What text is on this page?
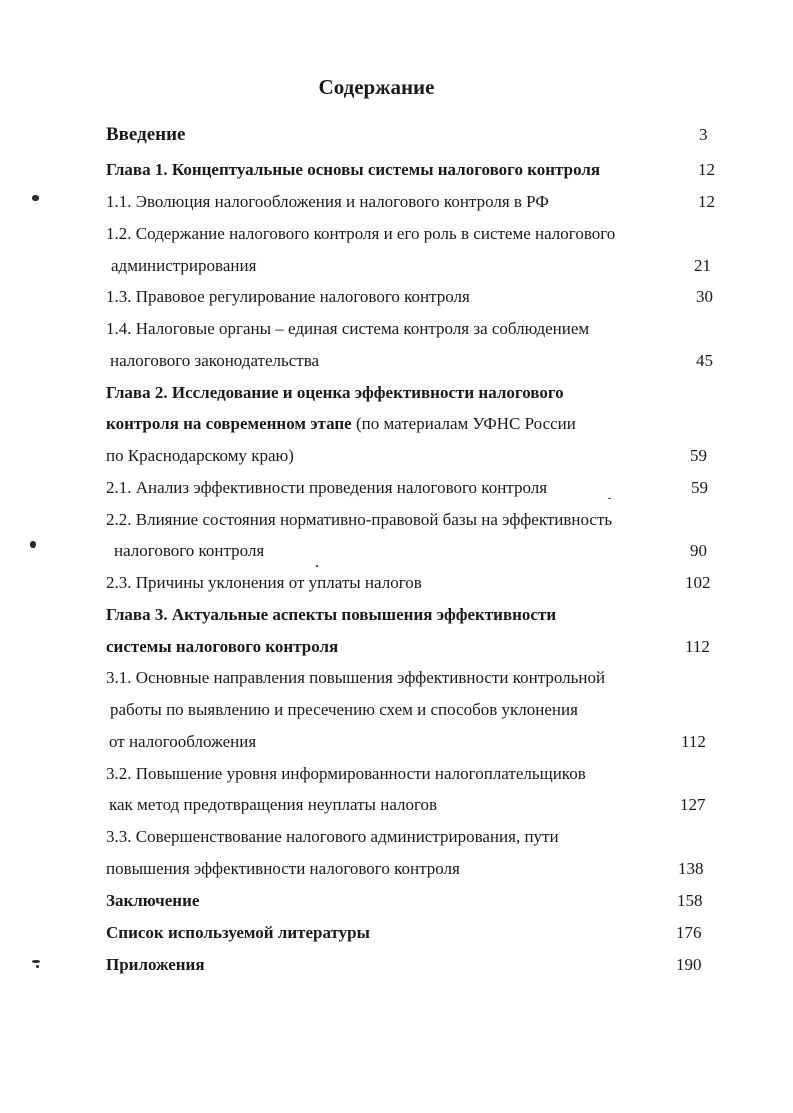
Содержание
Введение	3
Глава 1. Концептуальные основы системы налогового контроля	12
1.1. Эволюция налогообложения и налогового контроля в РФ	12
1.2. Содержание налогового контроля и его роль в системе налогового
администрирования	21
1.3. Правовое регулирование налогового контроля	30
1.4. Налоговые органы – единая система контроля за соблюдением
налогового законодательства	45
Глава 2. Исследование и оценка эффективности налогового
контроля на современном этапе (по материалам УФНС России
по Краснодарскому краю)	59
2.1. Анализ эффективности проведения налогового контроля	59
2.2. Влияние состояния нормативно-правовой базы на эффективность
налогового контроля	90
2.3. Причины уклонения от уплаты налогов	102
Глава 3. Актуальные аспекты повышения эффективности
системы налогового контроля	112
3.1. Основные направления повышения эффективности контрольной
работы по выявлению и пресечению схем и способов уклонения
от налогообложения	112
3.2. Повышение уровня информированности налогоплательщиков
как метод предотвращения неуплаты налогов	127
3.3. Совершенствование налогового администрирования, пути
повышения эффективности налогового контроля	138
Заключение	158
Список используемой литературы	176
Приложения	190
